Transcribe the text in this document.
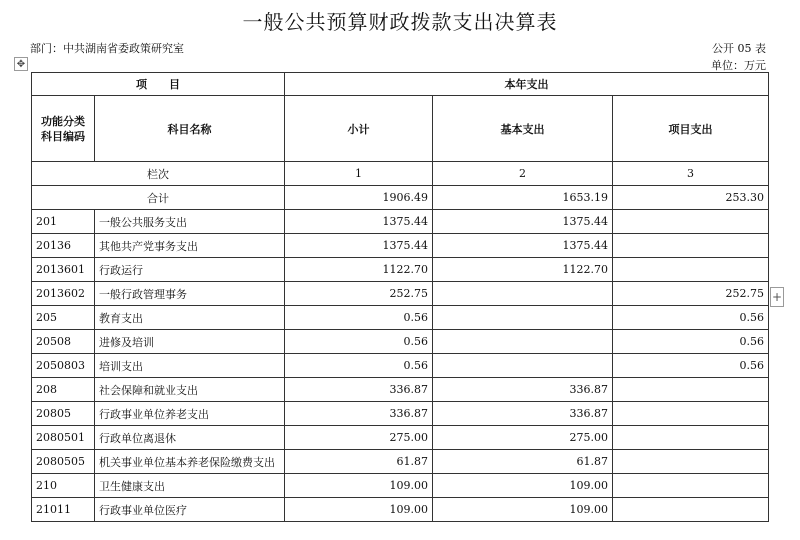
一般公共预算财政拨款支出决算表
部门：中共湖南省委政策研究室	公开 05 表
单位：万元
✥
+
项　　目		本年支出		
功能分类科目编码	科目名称	小计	基本支出	项目支出
栏次		1	2	3
合计		1906.49	1653.19	253.30
201	一般公共服务支出	1375.44	1375.44	
20136	其他共产党事务支出	1375.44	1375.44	
2013601	行政运行	1122.70	1122.70	
2013602	一般行政管理事务	252.75		252.75
205	教育支出	0.56		0.56
20508	进修及培训	0.56		0.56
2050803	培训支出	0.56		0.56
208	社会保障和就业支出	336.87	336.87	
20805	行政事业单位养老支出	336.87	336.87	
2080501	行政单位离退休	275.00	275.00	
2080505	机关事业单位基本养老保险缴费支出	61.87	61.87	
210	卫生健康支出	109.00	109.00	
21011	行政事业单位医疗	109.00	109.00	
